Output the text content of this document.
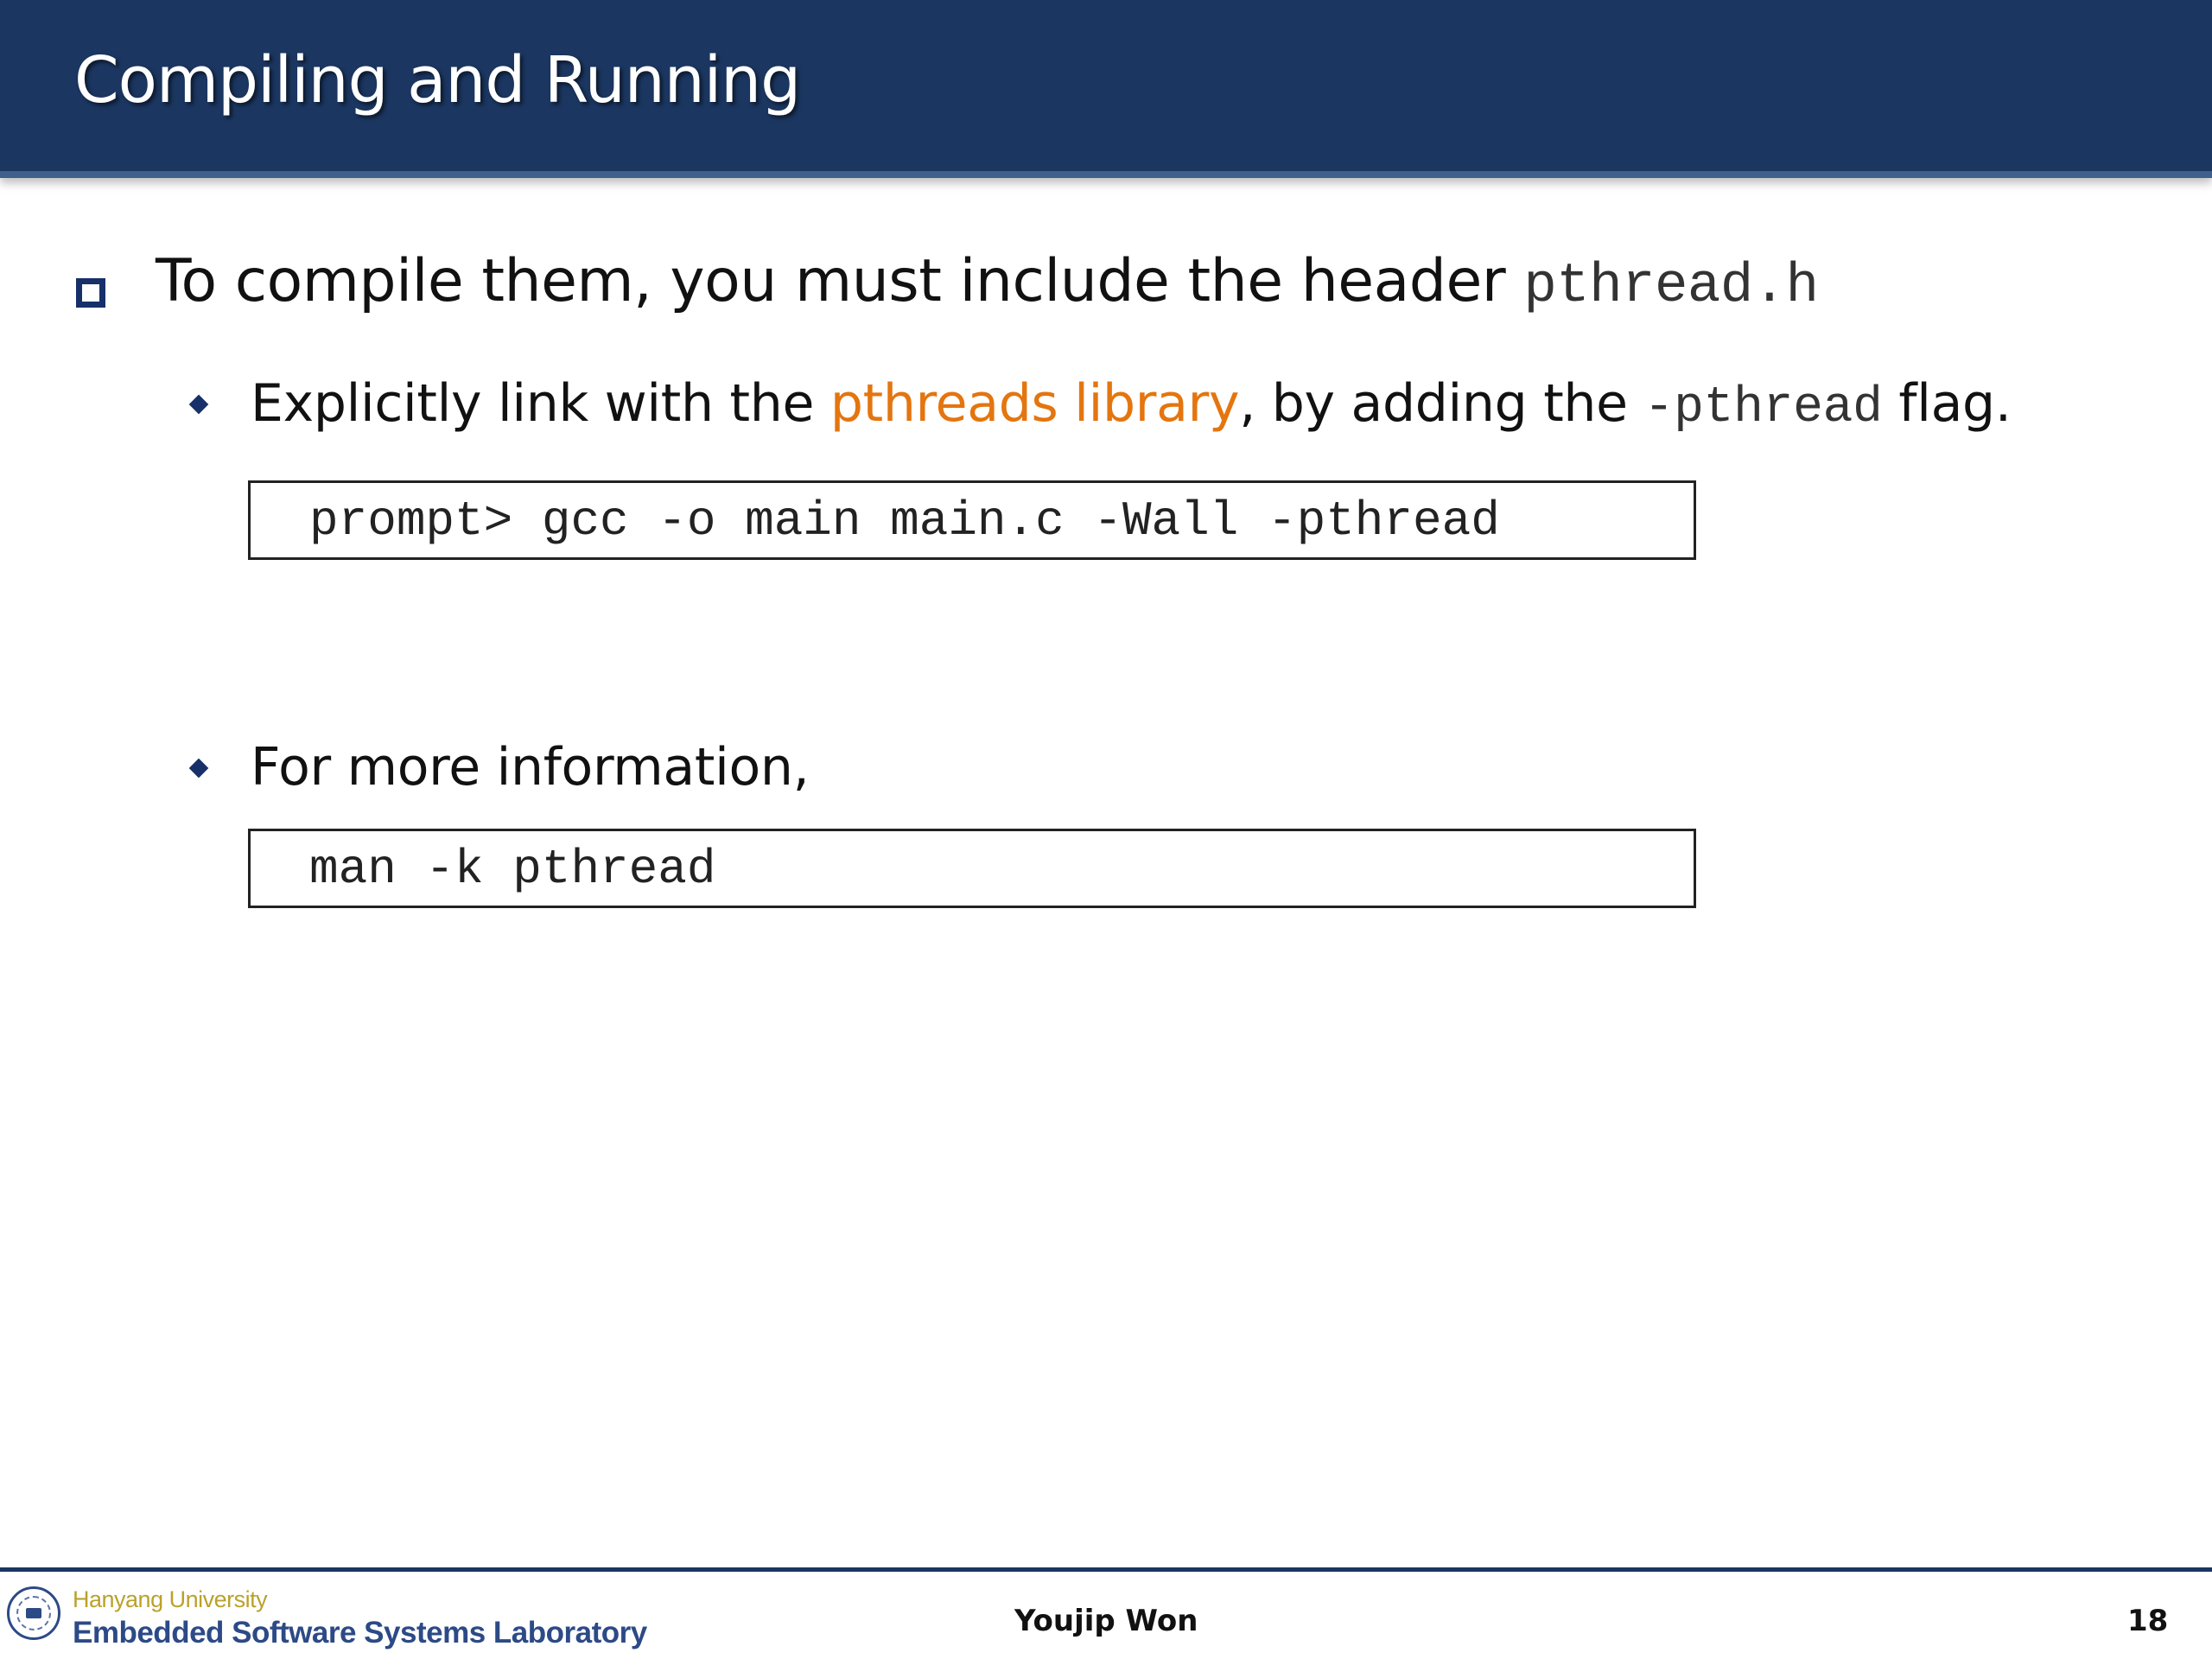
Compiling and Running
To compile them, you must include the header pthread.h
Explicitly link with the pthreads library, by adding the -pthread flag.
prompt> gcc -o main main.c -Wall -pthread
For more information,
man -k pthread
Hanyang University
Embedded Software Systems Laboratory	Youjip Won	18
